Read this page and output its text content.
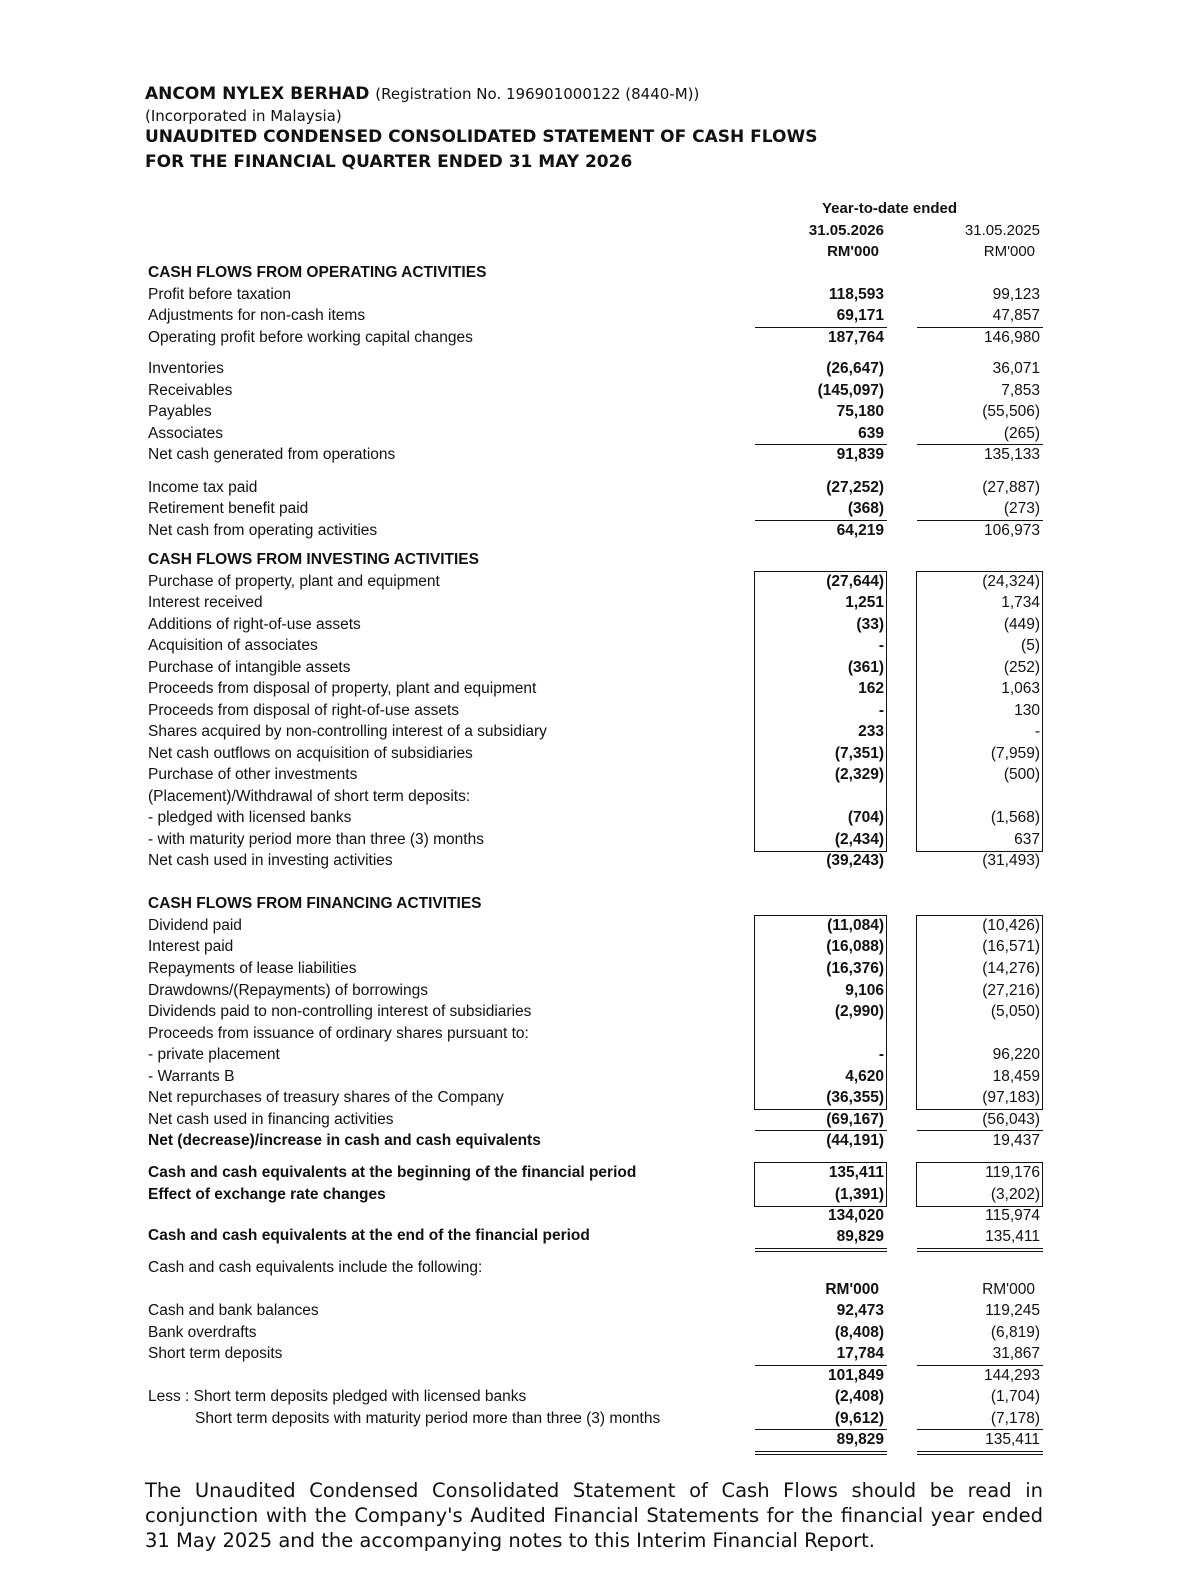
ANCOM NYLEX BERHAD (Registration No. 196901000122 (8440-M))
(Incorporated in Malaysia)
UNAUDITED CONDENSED CONSOLIDATED STATEMENT OF CASH FLOWS
FOR THE FINANCIAL QUARTER ENDED 31 MAY 2026
Year-to-date ended
31.05.2026	31.05.2025
RM'000	RM'000
CASH FLOWS FROM OPERATING ACTIVITIES
Profit before taxation	118,593	99,123
Adjustments for non-cash items	69,171	47,857
Operating profit before working capital changes	187,764	146,980
Inventories	(26,647)	36,071
Receivables	(145,097)	7,853
Payables	75,180	(55,506)
Associates	639	(265)
Net cash generated from operations	91,839	135,133
Income tax paid	(27,252)	(27,887)
Retirement benefit paid	(368)	(273)
Net cash from operating activities	64,219	106,973
CASH FLOWS FROM INVESTING ACTIVITIES
Purchase of property, plant and equipment	(27,644)	(24,324)
Interest received	1,251	1,734
Additions of right-of-use assets	(33)	(449)
Acquisition of associates	-	(5)
Purchase of intangible assets	(361)	(252)
Proceeds from disposal of property, plant and equipment	162	1,063
Proceeds from disposal of right-of-use assets	-	130
Shares acquired by non-controlling interest of a subsidiary	233	-
Net cash outflows on acquisition of subsidiaries	(7,351)	(7,959)
Purchase of other investments	(2,329)	(500)
(Placement)/Withdrawal of short term deposits:
- pledged with licensed banks	(704)	(1,568)
- with maturity period more than three (3) months	(2,434)	637
Net cash used in investing activities	(39,243)	(31,493)
CASH FLOWS FROM FINANCING ACTIVITIES
Dividend paid	(11,084)	(10,426)
Interest paid	(16,088)	(16,571)
Repayments of lease liabilities	(16,376)	(14,276)
Drawdowns/(Repayments) of borrowings	9,106	(27,216)
Dividends paid to non-controlling interest of subsidiaries	(2,990)	(5,050)
Proceeds from issuance of ordinary shares pursuant to:
- private placement	-	96,220
- Warrants B	4,620	18,459
Net repurchases of treasury shares of the Company	(36,355)	(97,183)
Net cash used in financing activities	(69,167)	(56,043)
Net (decrease)/increase in cash and cash equivalents	(44,191)	19,437
Cash and cash equivalents at the beginning of the financial period	135,411	119,176
Effect of exchange rate changes	(1,391)	(3,202)
134,020	115,974
Cash and cash equivalents at the end of the financial period	89,829	135,411
Cash and cash equivalents include the following:
RM'000	RM'000
Cash and bank balances	92,473	119,245
Bank overdrafts	(8,408)	(6,819)
Short term deposits	17,784	31,867
101,849	144,293
Less : Short term deposits pledged with licensed banks	(2,408)	(1,704)
Short term deposits with maturity period more than three (3) months	(9,612)	(7,178)
89,829	135,411
The Unaudited Condensed Consolidated Statement of Cash Flows should be read in conjunction with the Company's Audited Financial Statements for the financial year ended 31 May 2025 and the accompanying notes to this Interim Financial Report.
